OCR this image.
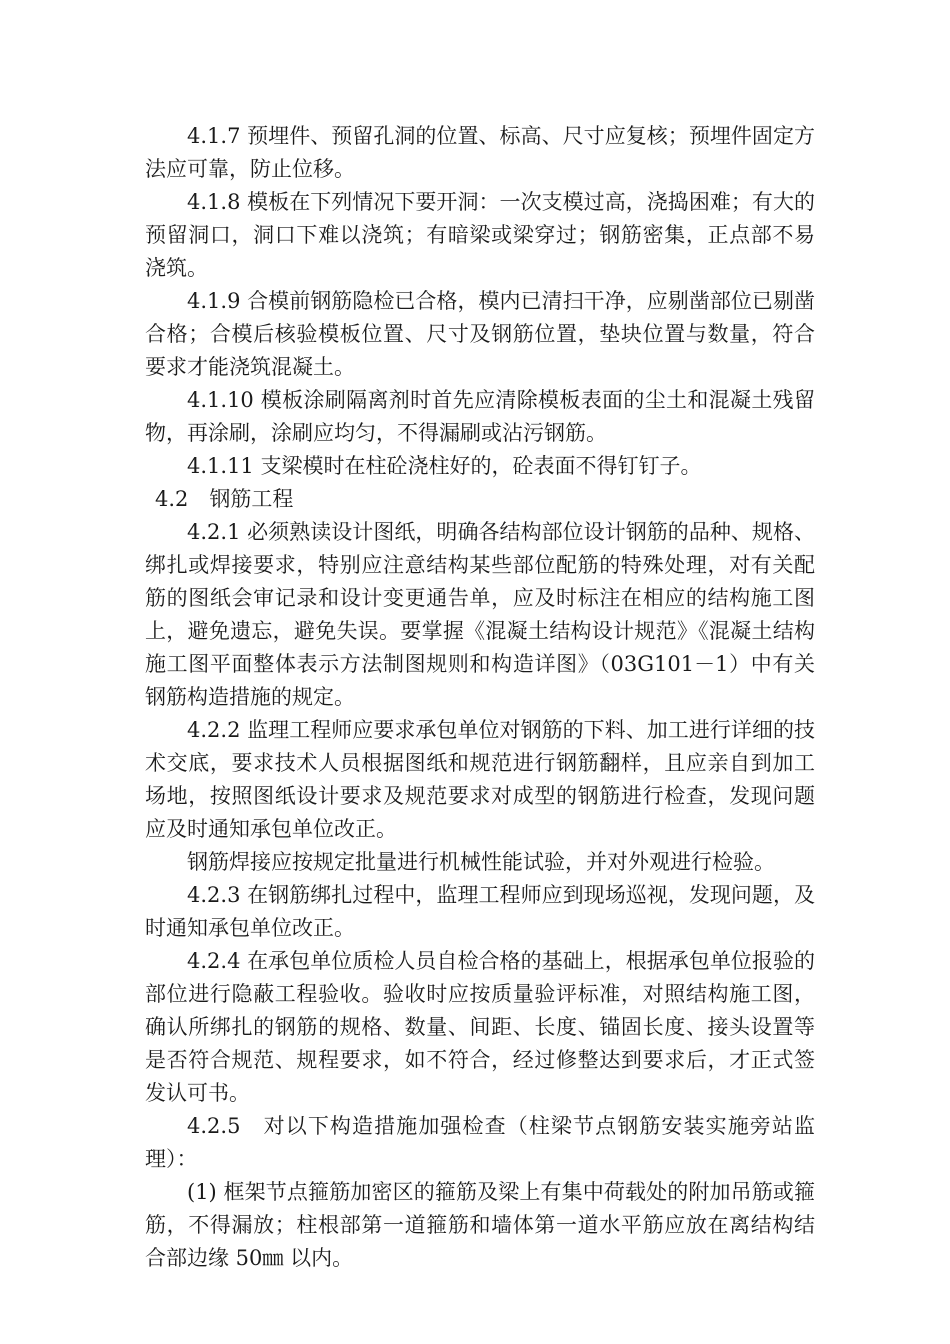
4.1.7 预埋件、预留孔洞的位置、标高、尺寸应复核；预埋件固定方法应可靠，防止位移。

4.1.8 模板在下列情况下要开洞：一次支模过高，浇捣困难；有大的预留洞口，洞口下难以浇筑；有暗梁或梁穿过；钢筋密集，正点部不易浇筑。

4.1.9 合模前钢筋隐检已合格，模内已清扫干净，应剔凿部位已剔凿合格；合模后核验模板位置、尺寸及钢筋位置，垫块位置与数量，符合要求才能浇筑混凝土。

4.1.10 模板涂刷隔离剂时首先应清除模板表面的尘土和混凝土残留物，再涂刷，涂刷应均匀，不得漏刷或沾污钢筋。

4.1.11 支梁模时在柱砼浇柱好的，砼表面不得钉钉子。

4.2　钢筋工程

4.2.1 必须熟读设计图纸，明确各结构部位设计钢筋的品种、规格、绑扎或焊接要求，特别应注意结构某些部位配筋的特殊处理，对有关配筋的图纸会审记录和设计变更通告单，应及时标注在相应的结构施工图上，避免遗忘，避免失误。要掌握《混凝土结构设计规范》《混凝土结构施工图平面整体表示方法制图规则和构造详图》（03G101－1）中有关钢筋构造措施的规定。

4.2.2 监理工程师应要求承包单位对钢筋的下料、加工进行详细的技术交底，要求技术人员根据图纸和规范进行钢筋翻样，且应亲自到加工场地，按照图纸设计要求及规范要求对成型的钢筋进行检查，发现问题应及时通知承包单位改正。

钢筋焊接应按规定批量进行机械性能试验，并对外观进行检验。

4.2.3 在钢筋绑扎过程中，监理工程师应到现场巡视，发现问题，及时通知承包单位改正。

4.2.4 在承包单位质检人员自检合格的基础上，根据承包单位报验的部位进行隐蔽工程验收。验收时应按质量验评标准，对照结构施工图，确认所绑扎的钢筋的规格、数量、间距、长度、锚固长度、接头设置等是否符合规范、规程要求，如不符合，经过修整达到要求后，才正式签发认可书。

4.2.5　对以下构造措施加强检查（柱梁节点钢筋安装实施旁站监理）：

(1) 框架节点箍筋加密区的箍筋及梁上有集中荷载处的附加吊筋或箍筋，不得漏放；柱根部第一道箍筋和墙体第一道水平筋应放在离结构结合部边缘 50㎜ 以内。
